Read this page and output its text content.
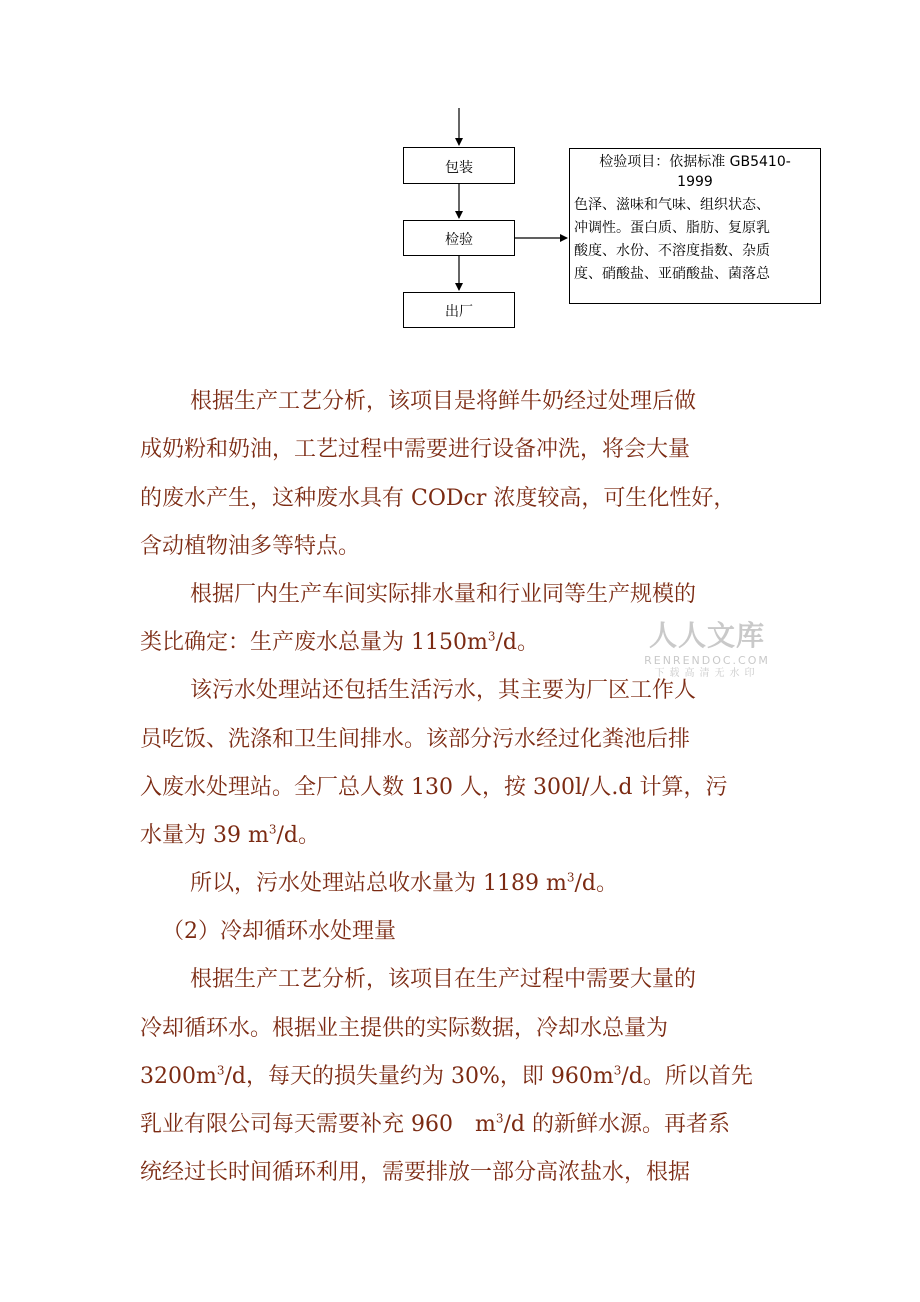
包装
检验
出厂
检验项目：依据标准 GB5410-
1999
色泽、滋味和气味、组织状态、
冲调性。蛋白质、脂肪、复原乳
酸度、水份、不溶度指数、杂质
度、硝酸盐、亚硝酸盐、菌落总
根据生产工艺分析，该项目是将鲜牛奶经过处理后做
成奶粉和奶油，工艺过程中需要进行设备冲洗，将会大量
的废水产生，这种废水具有 CODcr 浓度较高，可生化性好，
含动植物油多等特点。
根据厂内生产车间实际排水量和行业同等生产规模的
类比确定：生产废水总量为 $1150m^3/d$。
该污水处理站还包括生活污水，其主要为厂区工作人
员吃饭、洗涤和卫生间排水。该部分污水经过化粪池后排
入废水处理站。全厂总人数 130 人，按 300l/人.d 计算，污
水量为 39 $m^3/d$。
所以，污水处理站总收水量为 1189 $m^3/d$。
（2）冷却循环水处理量
根据生产工艺分析，该项目在生产过程中需要大量的
冷却循环水。根据业主提供的实际数据，冷却水总量为
$3200m^3/d$，每天的损失量约为 30%，即 $960m^3/d$。所以首先
乳业有限公司每天需要补充 960　$m^3/d$ 的新鲜水源。再者系
统经过长时间循环利用，需要排放一部分高浓盐水，根据
人人文库
RENRENDOC.COM
下载高清无水印
